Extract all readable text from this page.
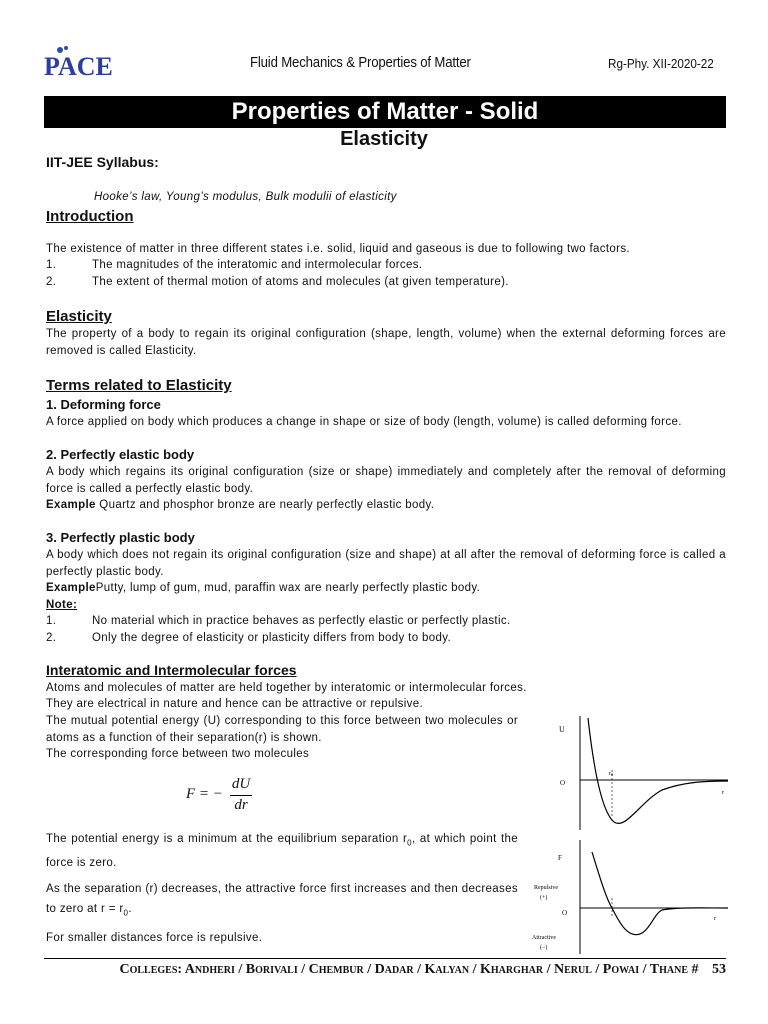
PACE	Fluid Mechanics & Properties of Matter	Rg-Phy. XII-2020-22
Properties of Matter - Solid
Elasticity
IIT-JEE Syllabus:
Hooke’s law, Young’s modulus, Bulk modulii of elasticity
Introduction
The existence of matter in three different states i.e. solid, liquid and gaseous is due to following two factors.
1.	The magnitudes of the interatomic and intermolecular forces.
2.	The extent of thermal motion of atoms and molecules (at given temperature).
Elasticity
The property of a body to regain its original configuration (shape, length, volume) when the external deforming forces are removed is called Elasticity.
Terms related to Elasticity
1. Deforming force
A force applied on body which produces a change in shape or size of body (length, volume) is called deforming force.
2. Perfectly elastic body
A body which regains its original configuration (size or shape) immediately and completely after the removal of deforming force is called a perfectly elastic body.
Example Quartz and phosphor bronze are nearly perfectly elastic body.
3. Perfectly plastic body
A body which does not regain its original configuration (size and shape) at all after the removal of deforming force is called a perfectly plastic body.
ExamplePutty, lump of gum, mud, paraffin wax are nearly perfectly plastic body.
Note:
1.	No material which in practice behaves as perfectly elastic or perfectly plastic.
2.	Only the degree of elasticity or plasticity differs from body to body.
Interatomic and Intermolecular forces
Atoms and molecules of matter are held together by interatomic or intermolecular forces.
They are electrical in nature and hence can be attractive or repulsive.
The mutual potential energy (U) corresponding to this force between two molecules or atoms as a function of their separation(r) is shown.
The corresponding force between two molecules
F = −
dU
dr
The potential energy is a minimum at the equilibrium separation $r_0$, at which point the force is zero.
As the separation (r) decreases, the attractive force first increases and then decreases to zero at $r = r_0$.
For smaller distances force is repulsive.
U
O
r
r0
F
Repulsive
(+)
O
r
Attractive
(−)
Colleges: Andheri / Borivali / Chembur / Dadar / Kalyan / Kharghar / Nerul / Powai / Thane # 53
